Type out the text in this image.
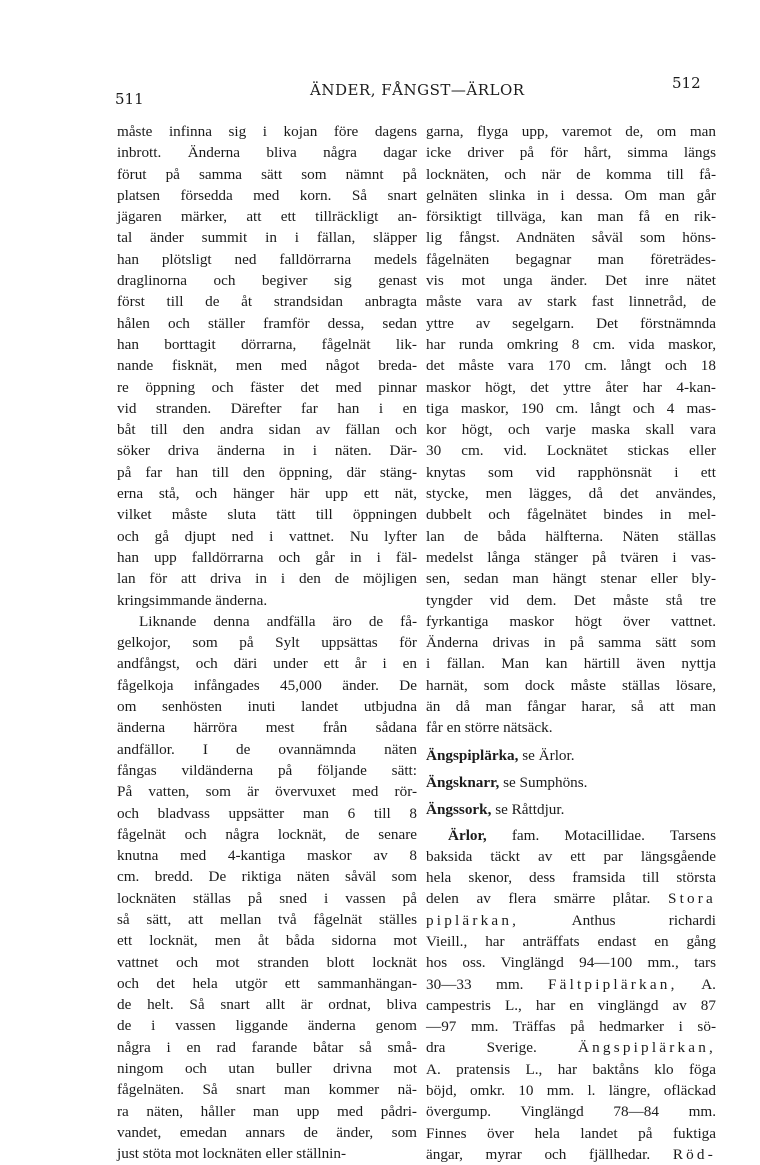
511	ÄNDER, FÅNGST—ÄRLOR	512
måste infinna sig i kojan före dagens
inbrott. Änderna bliva några dagar
förut på samma sätt som nämnt på
platsen försedda med korn. Så snart
jägaren märker, att ett tillräckligt an-
tal änder summit in i fällan, släpper
han plötsligt ned falldörrarna medels
draglinorna och begiver sig genast
först till de åt strandsidan anbragta
hålen och ställer framför dessa, sedan
han borttagit dörrarna, fågelnät lik-
nande fisknät, men med något breda-
re öppning och fäster det med pinnar
vid stranden. Därefter far han i en
båt till den andra sidan av fällan och
söker driva änderna in i näten. Där-
på far han till den öppning, där stäng-
erna stå, och hänger här upp ett nät,
vilket måste sluta tätt till öppningen
och gå djupt ned i vattnet. Nu lyfter
han upp falldörrarna och går in i fäl-
lan för att driva in i den de möjligen
kringsimmande änderna.
Liknande denna andfälla äro de få-
gelkojor, som på Sylt uppsättas för
andfångst, och däri under ett år i en
fågelkoja infångades 45,000 änder. De
om senhösten inuti landet utbjudna
änderna härröra mest från sådana
andfällor. I de ovannämnda näten
fångas vildänderna på följande sätt:
På vatten, som är övervuxet med rör-
och bladvass uppsätter man 6 till 8
fågelnät och några locknät, de senare
knutna med 4-kantiga maskor av 8
cm. bredd. De riktiga näten såväl som
locknäten ställas på sned i vassen på
så sätt, att mellan två fågelnät ställes
ett locknät, men åt båda sidorna mot
vattnet och mot stranden blott locknät
och det hela utgör ett sammanhängan-
de helt. Så snart allt är ordnat, bliva
de i vassen liggande änderna genom
några i en rad farande båtar så små-
ningom och utan buller drivna mot
fågelnäten. Så snart man kommer nä-
ra näten, håller man upp med pådri-
vandet, emedan annars de änder, som
just stöta mot locknäten eller ställnin-
garna, flyga upp, varemot de, om man
icke driver på för hårt, simma längs
locknäten, och när de komma till få-
gelnäten slinka in i dessa. Om man går
försiktigt tillväga, kan man få en rik-
lig fångst. Andnäten såväl som höns-
fågelnäten begagnar man företrädes-
vis mot unga änder. Det inre nätet
måste vara av stark fast linnetråd, de
yttre av segelgarn. Det förstnämnda
har runda omkring 8 cm. vida maskor,
det måste vara 170 cm. långt och 18
maskor högt, det yttre åter har 4-kan-
tiga maskor, 190 cm. långt och 4 mas-
kor högt, och varje maska skall vara
30 cm. vid. Locknätet stickas eller
knytas som vid rapphönsnät i ett
stycke, men lägges, då det användes,
dubbelt och fågelnätet bindes in mel-
lan de båda hälfterna. Näten ställas
medelst långa stänger på tvären i vas-
sen, sedan man hängt stenar eller bly-
tyngder vid dem. Det måste stå tre
fyrkantiga maskor högt över vattnet.
Änderna drivas in på samma sätt som
i fällan. Man kan härtill även nyttja
harnät, som dock måste ställas lösare,
än då man fångar harar, så att man
får en större nätsäck.
Ängspiplärka, se Ärlor.
Ängsknarr, se Sumphöns.
Ängssork, se Råttdjur.
Ärlor, fam. Motacillidae. Tarsens
baksida täckt av ett par längsgående
hela skenor, dess framsida till största
delen av flera smärre plåtar. Stora
piplärkan, Anthus richardi
Vieill., har anträffats endast en gång
hos oss. Vinglängd 94—100 mm., tars
30—33 mm. Fältpiplärkan, A.
campestris L., har en vinglängd av 87
—97 mm. Träffas på hedmarker i sö-
dra Sverige. Ängspiplärkan,
A. pratensis L., har baktåns klo föga
böjd, omkr. 10 mm. l. längre, ofläckad
övergump. Vinglängd 78—84 mm.
Finnes över hela landet på fuktiga
ängar, myrar och fjällhedar. Röd-
